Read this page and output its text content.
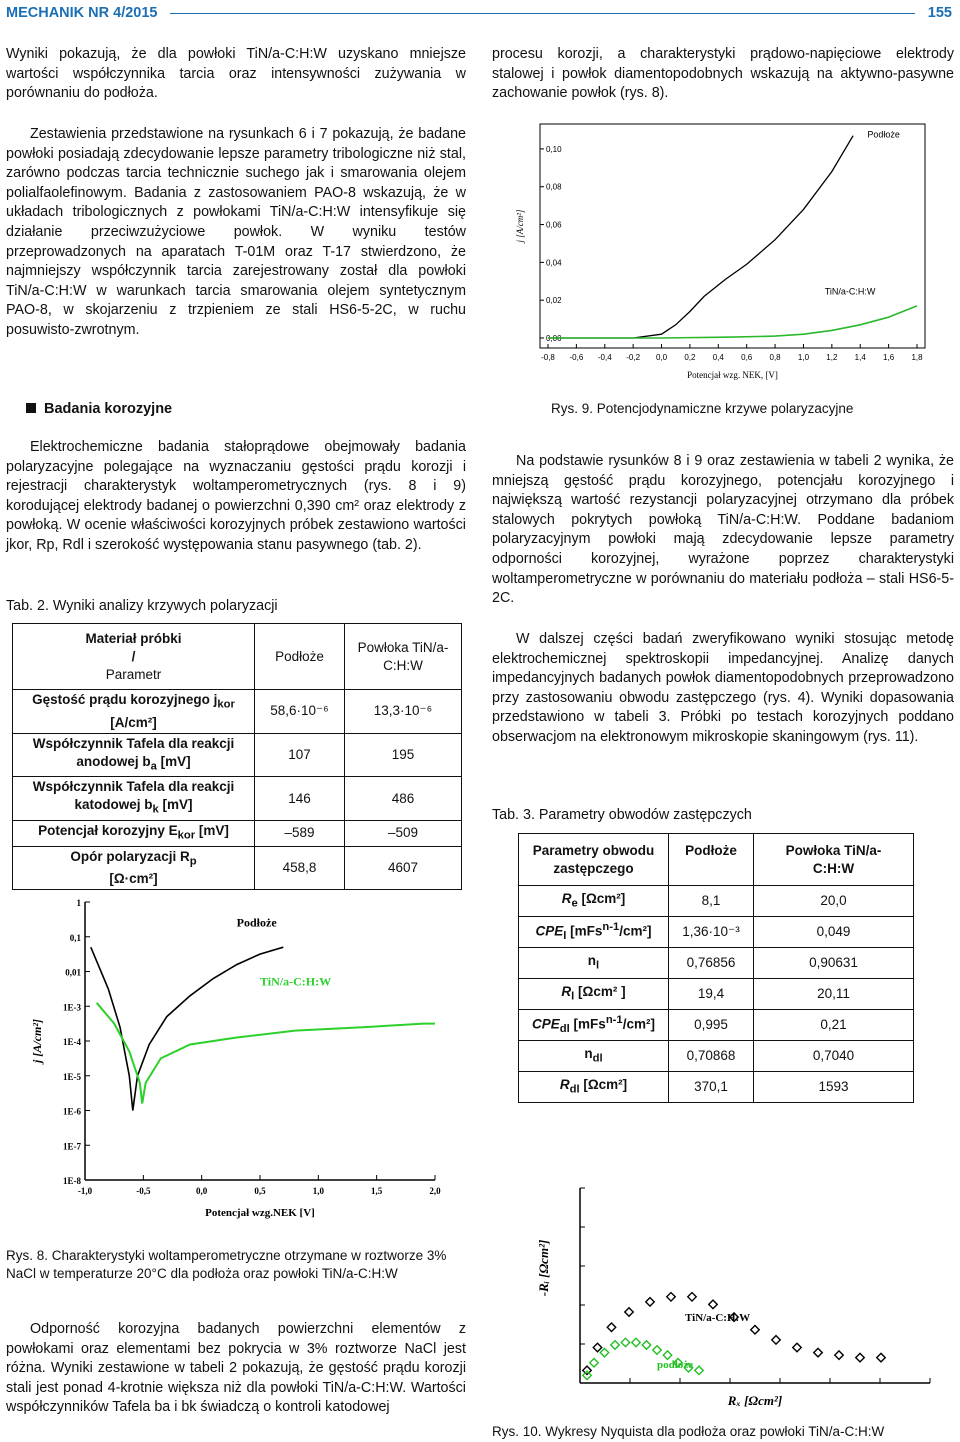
MECHANIK NR 4/2015	155
Wyniki pokazują, że dla powłoki TiN/a-C:H:W uzyskano mniejsze wartości współczynnika tarcia oraz intensywności zużywania w porównaniu do podłoża.
Zestawienia przedstawione na rysunkach 6 i 7 pokazują, że badane powłoki posiadają zdecydowanie lepsze parametry tribologiczne niż stal, zarówno podczas tarcia technicznie suchego jak i smarowania olejem polialfaolefinowym. Badania z zastosowaniem PAO-8 wskazują, że w układach tribologicznych z powłokami TiN/a-C:H:W intensyfikuje się działanie przeciwzużyciowe powłok. W wyniku testów przeprowadzonych na aparatach T-01M oraz T-17 stwierdzono, że najmniejszy współczynnik tarcia zarejestrowany został dla powłoki TiN/a-C:H:W w warunkach tarcia smarowania olejem syntetycznym PAO-8, w skojarzeniu z trzpieniem ze stali HS6-5-2C, w ruchu posuwisto-zwrotnym.
Badania korozyjne
Elektrochemiczne badania stałoprądowe obejmowały badania polaryzacyjne polegające na wyznaczaniu gęstości prądu korozji i rejestracji charakterystyk woltamperometrycznych (rys. 8 i 9) korodującej elektrody badanej o powierzchni 0,390 cm² oraz elektrody z powłoką. W ocenie właściwości korozyjnych próbek zestawiono wartości jkor, Rp, Rdl i szerokość występowania stanu pasywnego (tab. 2).
Tab. 2. Wyniki analizy krzywych polaryzacji
Materiał próbki
/
Parametr	Podłoże	Powłoka TiN/a-C:H:W

Gęstość prądu korozyjnego $j_{kor}$
[A/cm²]	58,6·10⁻⁶	13,3·10⁻⁶

Współczynnik Tafela dla reakcji
anodowej $b_a$ [mV]	107	195

Współczynnik Tafela dla reakcji
katodowej $b_k$ [mV]	146	486
Potencjał korozyjny $E_{kor}$ [mV]	–589	–509

Opór polaryzacji $R_p$
[Ω·cm²]	458,8	4607
1
0,1
0,01
1E-3
1E-4
1E-5
1E-6
1E-7
1E-8
-1,0	-0,5	0,0	0,5	1,0	1,5	2,0
Potencjał wzg.NEK [V]
j [A/cm²]
Podłoże
TiN/a-C:H:W
Rys. 8. Charakterystyki woltamperometryczne otrzymane w roztworze 3% NaCl w temperaturze 20°C dla podłoża oraz powłoki TiN/a-C:H:W
Odporność korozyjna badanych powierzchni elementów z powłokami oraz elementami bez pokrycia w 3% roztworze NaCl jest różna. Wyniki zestawione w tabeli 2 pokazują, że gęstość prądu korozji stali jest ponad 4-krotnie większa niż dla powłoki TiN/a-C:H:W. Wartości współczynników Tafela ba i bk świadczą o kontroli katodowej
procesu korozji, a charakterystyki prądowo-napięciowe elektrody stalowej i powłok diamentopodobnych wskazują na aktywno-pasywne zachowanie powłok (rys. 8).
0,00
0,02
0,04
0,06
0,08
0,10
-0,8 -0,6 -0,4 -0,2 0,0 0,2 0,4 0,6 0,8 1,0 1,2 1,4 1,6 1,8
Potencjał wzg. NEK, [V]
j [A/cm²]
Podłoże
TiN/a-C:H:W
Rys. 9. Potencjodynamiczne krzywe polaryzacyjne
Na podstawie rysunków 8 i 9 oraz zestawienia w tabeli 2 wynika, że mniejszą gęstość prądu korozyjnego, potencjału korozyjnego i największą wartość rezystancji polaryzacyjnej otrzymano dla próbek stalowych pokrytych powłoką TiN/a-C:H:W. Poddane badaniom polaryzacyjnym powłoki mają zdecydowanie lepsze parametry odporności korozyjnej, wyrażone poprzez charakterystyki woltamperometryczne w porównaniu do materiału podłoża – stali HS6-5-2C.
W dalszej części badań zweryfikowano wyniki stosując metodę elektrochemicznej spektroskopii impedancyjnej. Analizę danych impedancyjnych badanych powłok diamentopodobnych przeprowadzono przy zastosowaniu obwodu zastępczego (rys. 4). Wyniki dopasowania przedstawiono w tabeli 3. Próbki po testach korozyjnych poddano obserwacjom na elektronowym mikroskopie skaningowym (rys. 11).
Tab. 3. Parametry obwodów zastępczych
Parametry obwodu zastępczego	Podłoże	Powłoka TiN/a-C:H:W
$R_e$ [Ωcm²]	8,1	20,0
$CPE_l$ [mFs$^{n-1}$/cm²]	1,36·10⁻³	0,049
$n_l$	0,76856	0,90631
$R_l$ [Ωcm² ]	19,4	20,11
$CPE_{dl}$ [mFs$^{n-1}$/cm²]	0,995	0,21
$n_{dl}$	0,70868	0,7040
$R_{dl}$ [Ωcm²]	370,1	1593
Rₓ [Ωcm²]
-Rᵢ [Ωcm²]
TiN/a-C:H:W
podłoże
Rys. 10. Wykresy Nyquista dla podłoża oraz powłoki TiN/a-C:H:W
